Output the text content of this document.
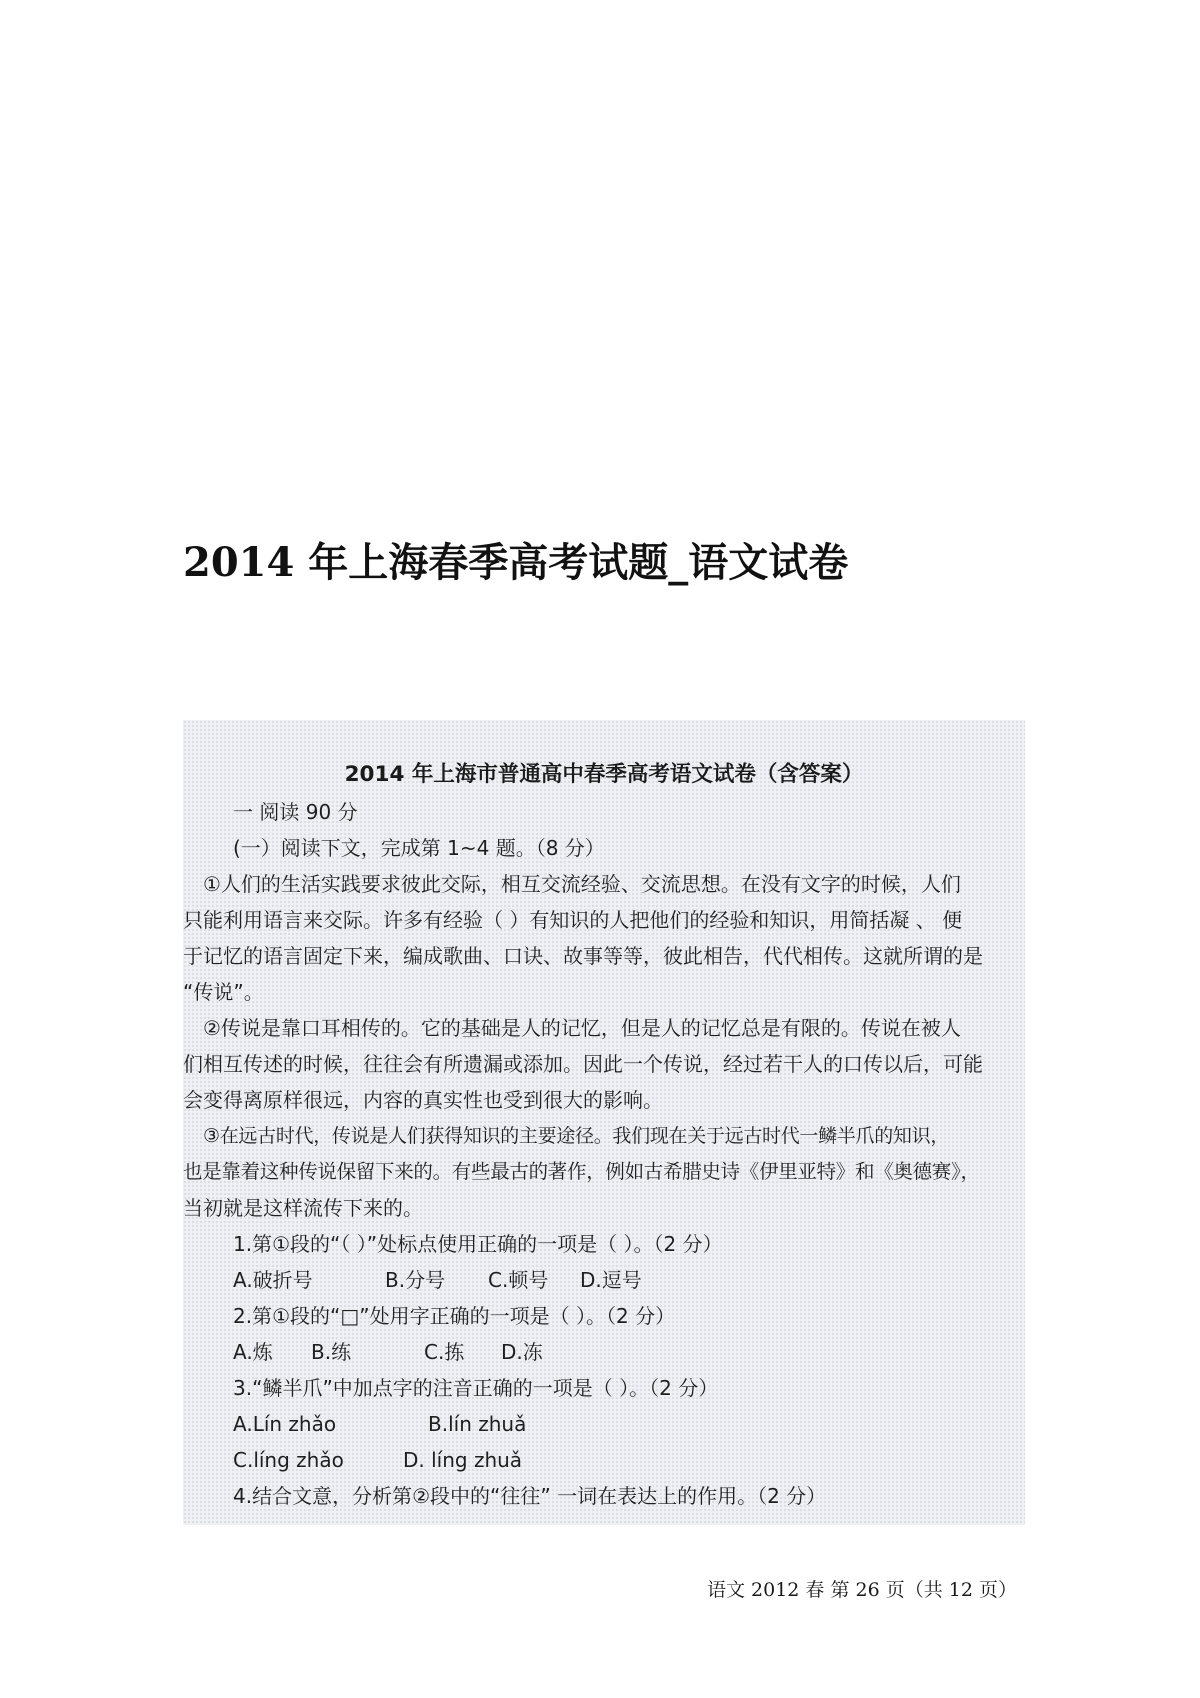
2014 年上海春季高考试题_语文试卷
2014 年上海市普通高中春季高考语文试卷（含答案）
一 阅读 90 分
(一）阅读下文，完成第 1~4 题。（8 分）
①人们的生活实践要求彼此交际，相互交流经验、交流思想。在没有文字的时候，人们
只能利用语言来交际。许多有经验（ ）有知识的人把他们的经验和知识，用简括凝 、 便
于记忆的语言固定下来，编成歌曲、口诀、故事等等，彼此相告，代代相传。这就所谓的是
“传说”。
②传说是靠口耳相传的。它的基础是人的记忆，但是人的记忆总是有限的。传说在被人
们相互传述的时候，往往会有所遗漏或添加。因此一个传说，经过若干人的口传以后，可能
会变得离原样很远，内容的真实性也受到很大的影响。
③在远古时代，传说是人们获得知识的主要途径。我们现在关于远古时代一鳞半爪的知识，
也是靠着这种传说保留下来的。有些最古的著作，例如古希腊史诗《伊里亚特》和《奥德赛》，
当初就是这样流传下来的。
1.第①段的“（ ）”处标点使用正确的一项是（ ）。（2 分）
A.破折号	B.分号 C.顿号 D.逗号
2.第①段的“□”处用字正确的一项是（ ）。（2 分）
A.炼 B.练	C.拣 D.冻
3.“鳞半爪”中加点字的注音正确的一项是（ ）。（2 分）
A.Lín zhǎo	B.lín zhuǎ
C.líng zhǎo	D. líng zhuǎ
4.结合文意，分析第②段中的“往往” 一词在表达上的作用。（2 分）
语文 2012 春 第 26 页（共 12 页）
